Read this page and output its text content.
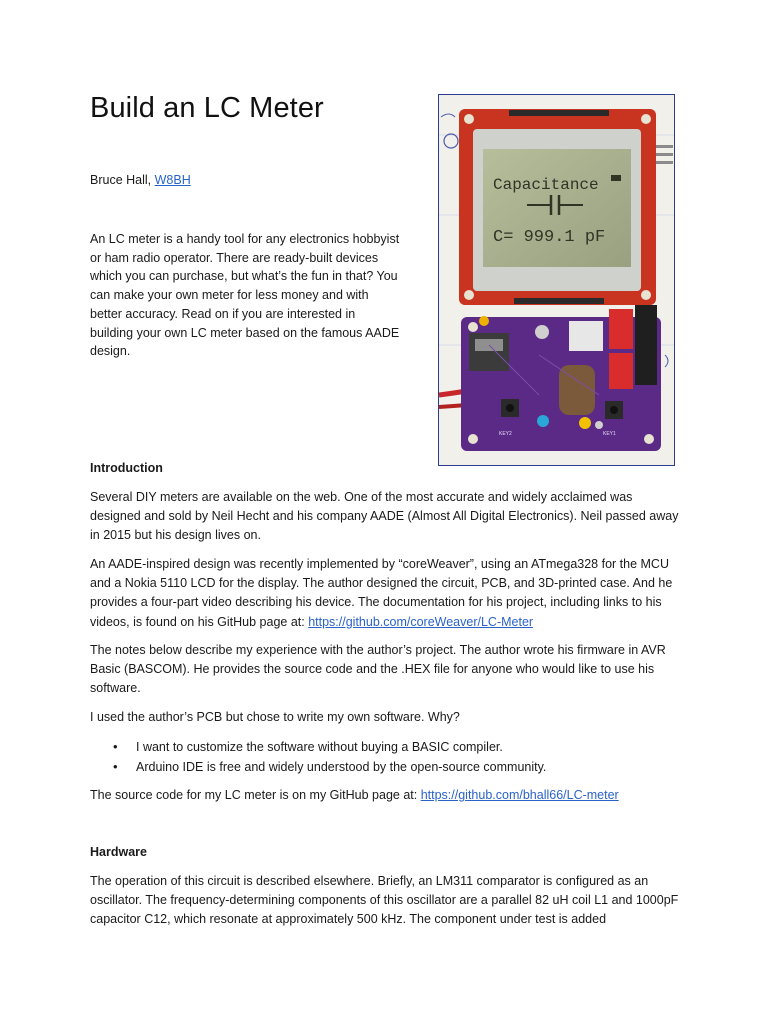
Build an LC Meter
Bruce Hall, W8BH
An LC meter is a handy tool for any electronics hobbyist or ham radio operator. There are ready-built devices which you can purchase, but what’s the fun in that? You can make your own meter for less money and with better accuracy. Read on if you are interested in building your own LC meter based on the famous AADE design.
Capacitance
C= 999.1 pF
KEY2	KEY1
Introduction
Several DIY meters are available on the web. One of the most accurate and widely acclaimed was designed and sold by Neil Hecht and his company AADE (Almost All Digital Electronics). Neil passed away in 2015 but his design lives on.
An AADE-inspired design was recently implemented by “coreWeaver”, using an ATmega328 for the MCU and a Nokia 5110 LCD for the display. The author designed the circuit, PCB, and 3D-printed case. And he provides a four-part video describing his device. The documentation for his project, including links to his videos, is found on his GitHub page at: https://github.com/coreWeaver/LC-Meter
The notes below describe my experience with the author’s project. The author wrote his firmware in AVR Basic (BASCOM). He provides the source code and the .HEX file for anyone who would like to use his software.
I used the author’s PCB but chose to write my own software. Why?
• I want to customize the software without buying a BASIC compiler.
• Arduino IDE is free and widely understood by the open-source community.
The source code for my LC meter is on my GitHub page at: https://github.com/bhall66/LC-meter
Hardware
The operation of this circuit is described elsewhere. Briefly, an LM311 comparator is configured as an oscillator. The frequency-determining components of this oscillator are a parallel 82 uH coil L1 and 1000pF capacitor C12, which resonate at approximately 500 kHz. The component under test is added
